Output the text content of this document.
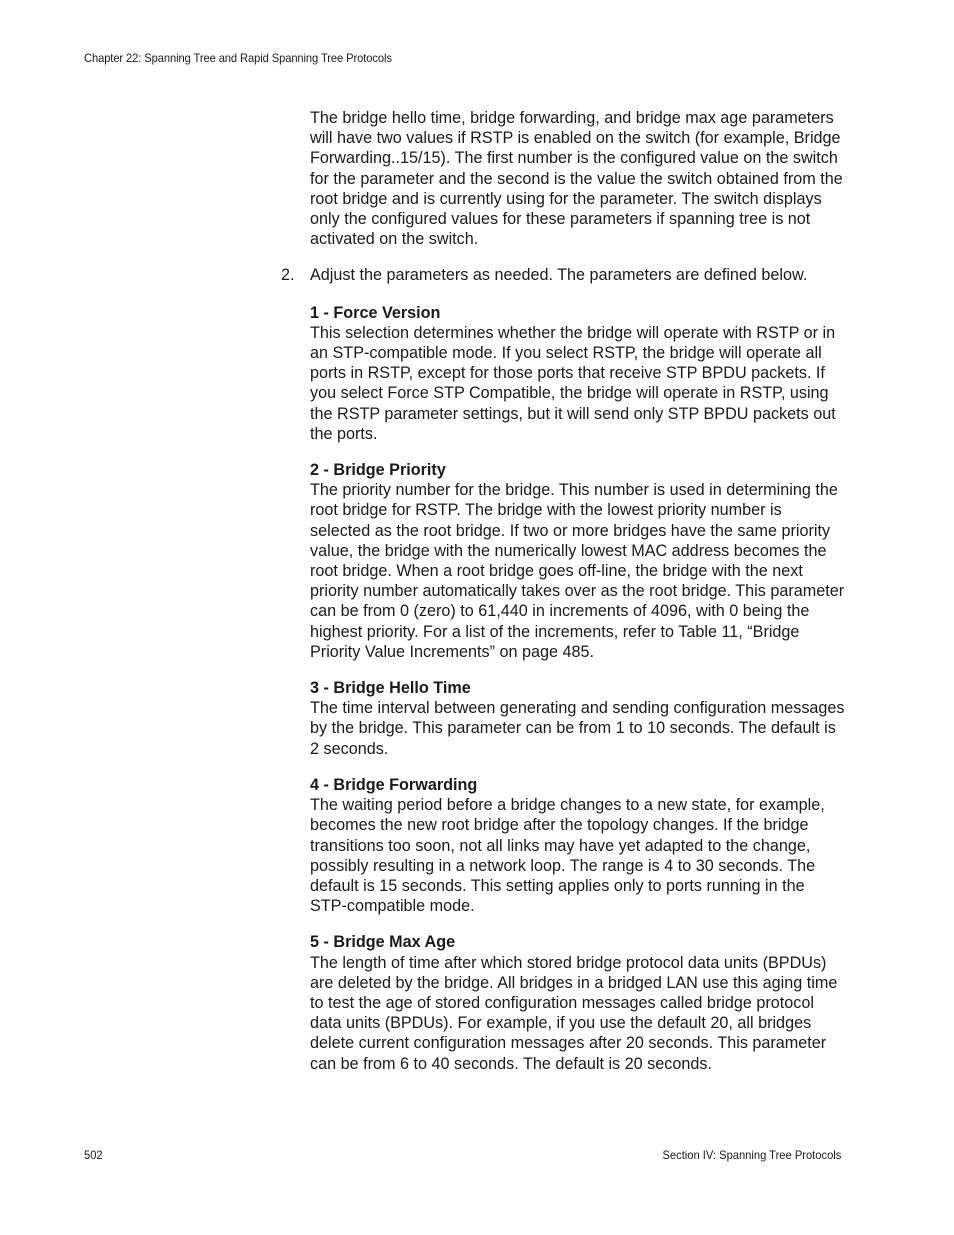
Chapter 22: Spanning Tree and Rapid Spanning Tree Protocols

The bridge hello time, bridge forwarding, and bridge max age parameters will have two values if RSTP is enabled on the switch (for example, Bridge Forwarding..15/15). The first number is the configured value on the switch for the parameter and the second is the value the switch obtained from the root bridge and is currently using for the parameter. The switch displays only the configured values for these parameters if spanning tree is not activated on the switch.

2. Adjust the parameters as needed. The parameters are defined below.

1 - Force Version

This selection determines whether the bridge will operate with RSTP or in an STP-compatible mode. If you select RSTP, the bridge will operate all ports in RSTP, except for those ports that receive STP BPDU packets. If you select Force STP Compatible, the bridge will operate in RSTP, using the RSTP parameter settings, but it will send only STP BPDU packets out the ports.

2 - Bridge Priority

The priority number for the bridge. This number is used in determining the root bridge for RSTP. The bridge with the lowest priority number is selected as the root bridge. If two or more bridges have the same priority value, the bridge with the numerically lowest MAC address becomes the root bridge. When a root bridge goes off-line, the bridge with the next priority number automatically takes over as the root bridge. This parameter can be from 0 (zero) to 61,440 in increments of 4096, with 0 being the highest priority. For a list of the increments, refer to Table 11, “Bridge Priority Value Increments” on page 485.

3 - Bridge Hello Time

The time interval between generating and sending configuration messages by the bridge. This parameter can be from 1 to 10 seconds. The default is 2 seconds.

4 - Bridge Forwarding

The waiting period before a bridge changes to a new state, for example, becomes the new root bridge after the topology changes. If the bridge transitions too soon, not all links may have yet adapted to the change, possibly resulting in a network loop. The range is 4 to 30 seconds. The default is 15 seconds. This setting applies only to ports running in the STP-compatible mode.

5 - Bridge Max Age

The length of time after which stored bridge protocol data units (BPDUs) are deleted by the bridge. All bridges in a bridged LAN use this aging time to test the age of stored configuration messages called bridge protocol data units (BPDUs). For example, if you use the default 20, all bridges delete current configuration messages after 20 seconds. This parameter can be from 6 to 40 seconds. The default is 20 seconds.

502	Section IV: Spanning Tree Protocols
